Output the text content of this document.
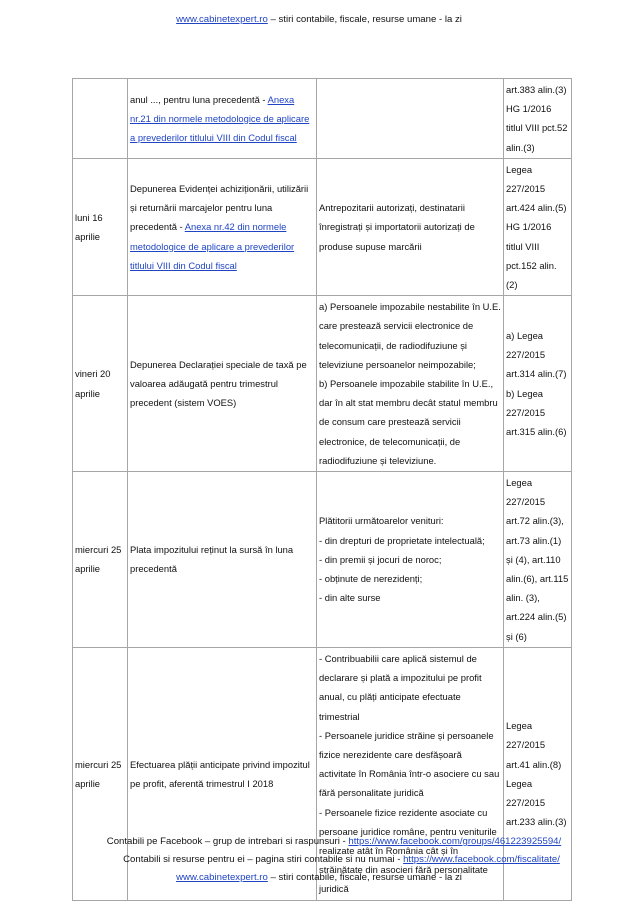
www.cabinetexpert.ro – stiri contabile, fiscale, resurse umane - la zi
	anul ..., pentru luna precedentă - Anexa nr.21 din normele metodologice de aplicare a prevederilor titlului VIII din Codul fiscal		art.383 alin.(3) HG 1/2016 titlul VIII pct.52 alin.(3)
luni 16 aprilie	Depunerea Evidenței achiziționării, utilizării și returnării marcajelor pentru luna precedentă - Anexa nr.42 din normele metodologice de aplicare a prevederilor titlului VIII din Codul fiscal	Antrepozitarii autorizați, destinatarii înregistrați și importatorii autorizați de produse supuse marcării	Legea 227/2015 art.424 alin.(5) HG 1/2016 titlul VIII pct.152 alin. (2)
vineri 20 aprilie	Depunerea Declarației speciale de taxă pe valoarea adăugată pentru trimestrul precedent (sistem VOES)	a) Persoanele impozabile nestabilite în U.E. care prestează servicii electronice de telecomunicații, de radiodifuziune și televiziune persoanelor neimpozabile;
b) Persoanele impozabile stabilite în U.E., dar în alt stat membru decât statul membru de consum care prestează servicii electronice, de telecomunicații, de radiodifuziune și televiziune.	a) Legea 227/2015 art.314 alin.(7)
b) Legea 227/2015 art.315 alin.(6)

miercuri 25 aprilie	Plata impozitului reținut la sursă în luna precedentă	Plătitorii următoarelor venituri:
- din drepturi de proprietate intelectuală;
- din premii și jocuri de noroc;
- obținute de nerezidenți;
- din alte surse	Legea 227/2015 art.72 alin.(3), art.73 alin.(1) și (4), art.110 alin.(6), art.115 alin. (3), art.224 alin.(5) și (6)
miercuri 25 aprilie	Efectuarea plății anticipate privind impozitul pe profit, aferentă trimestrul I 2018	- Contribuabilii care aplică sistemul de declarare și plată a impozitului pe profit anual, cu plăți anticipate efectuate trimestrial
- Persoanele juridice străine și persoanele fizice nerezidente care desfășoară activitate în România într-o asociere cu sau fără personalitate juridică
- Persoanele fizice rezidente asociate cu persoane juridice române, pentru veniturile realizate atât în România cât și în străinătate din asocieri fără personalitate juridică	Legea 227/2015 art.41 alin.(8)
Legea 227/2015 art.233 alin.(3)
Contabili pe Facebook – grup de intrebari si raspunsuri - https://www.facebook.com/groups/461223925594/
Contabili si resurse pentru ei – pagina stiri contabile si nu numai - https://www.facebook.com/fiscalitate/
www.cabinetexpert.ro – stiri contabile, fiscale, resurse umane - la zi
